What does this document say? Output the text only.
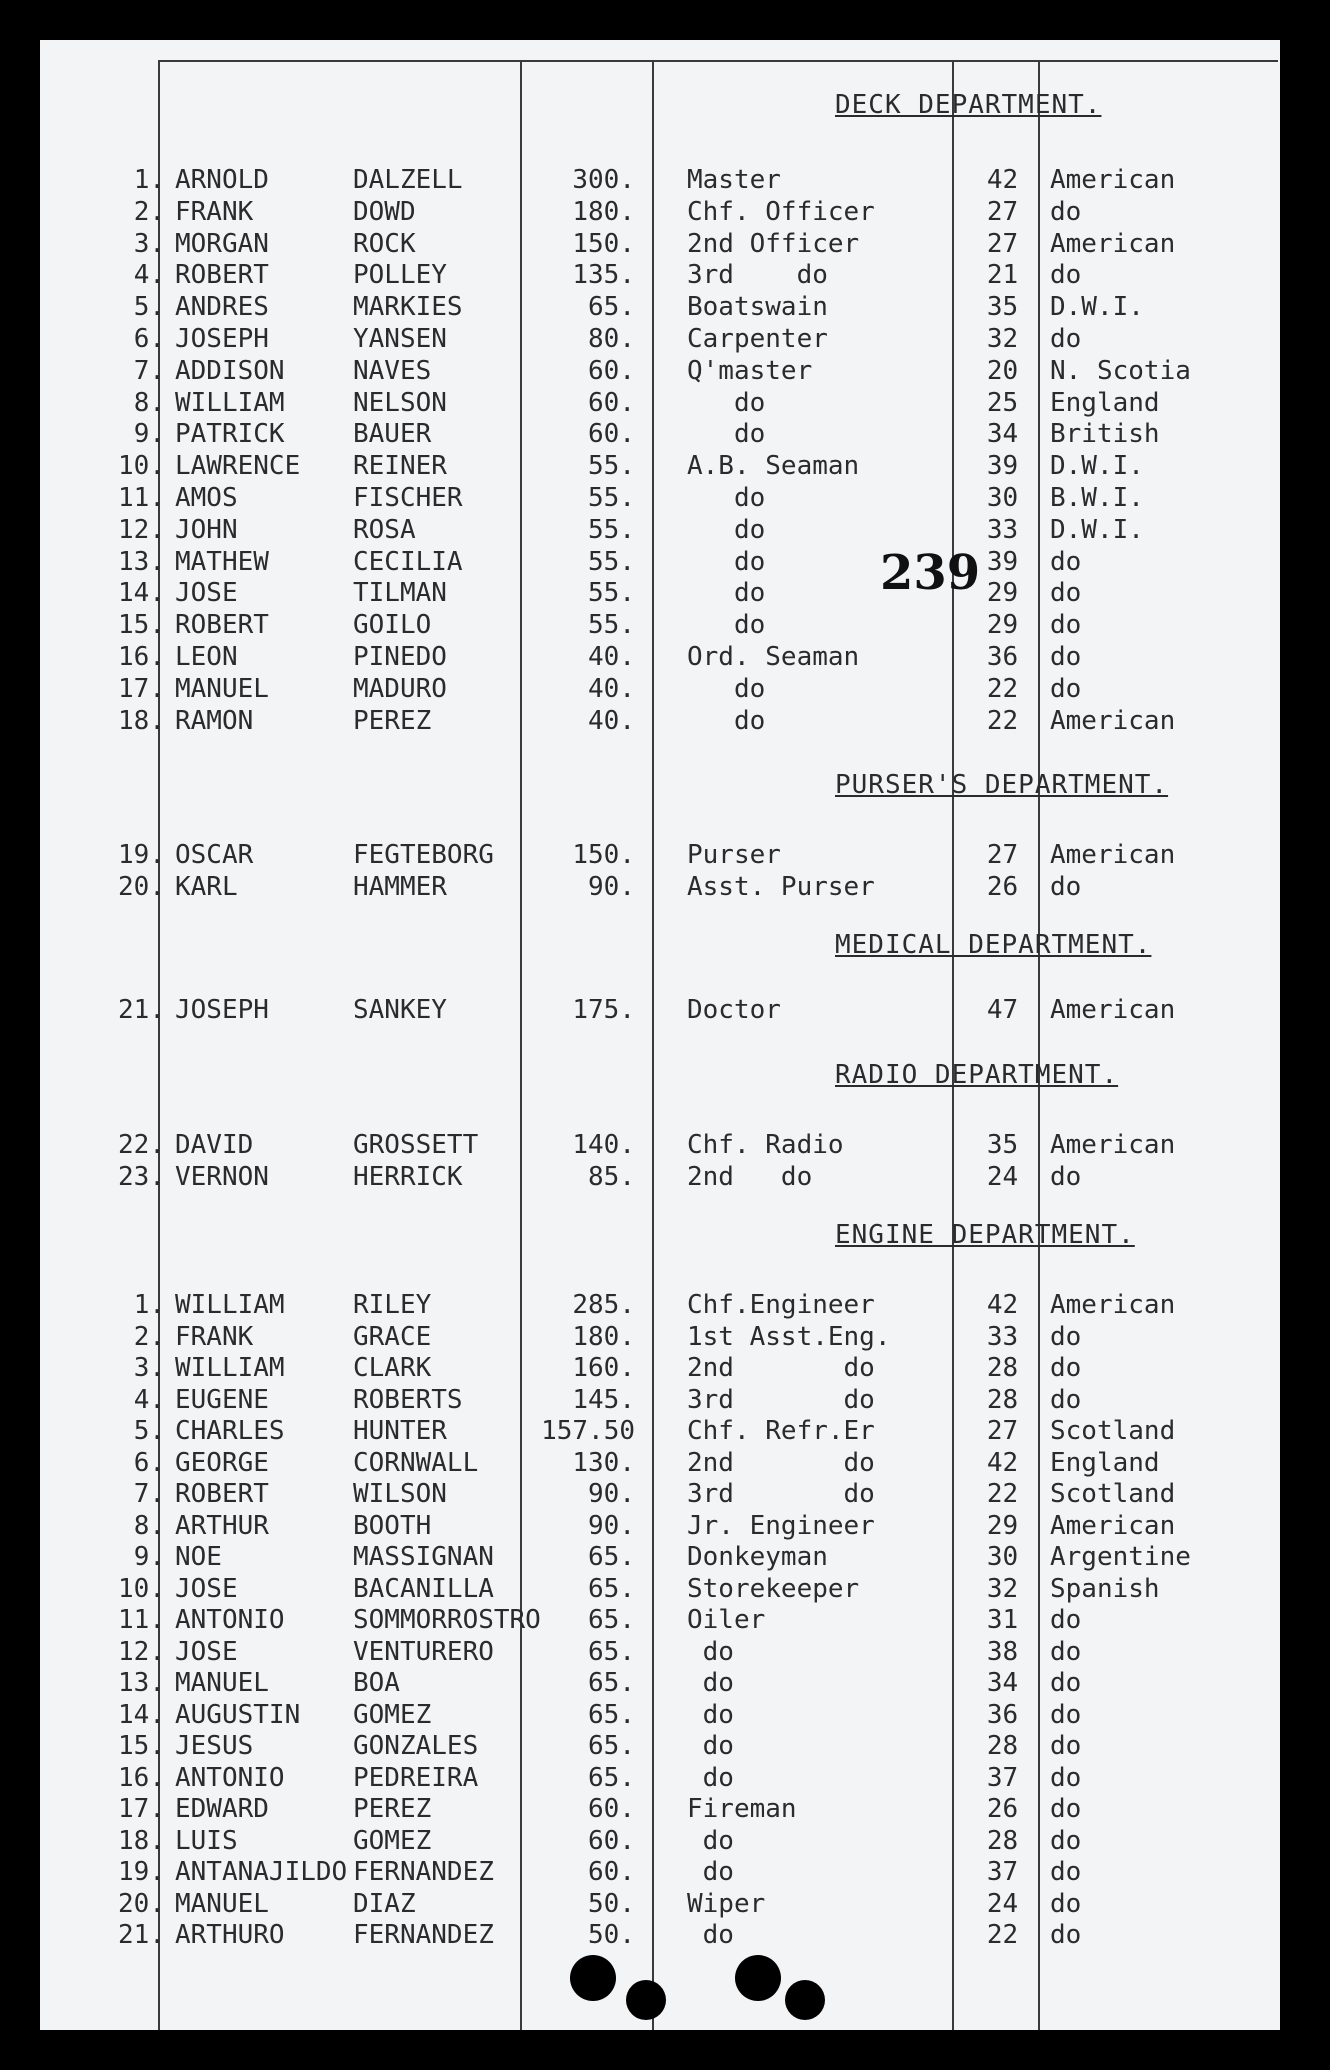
239
DECK DEPARTMENT.
1. ARNOLD	DALZELL	300. Master	42	American
2. FRANK	DOWD	180. Chf. Officer	27	do
3. MORGAN	ROCK	150. 2nd Officer	27	American
4. ROBERT	POLLEY	135. 3rd    do	21	do
5. ANDRES	MARKIES	65. Boatswain	35	D.W.I.
6. JOSEPH	YANSEN	80. Carpenter	32	do
7. ADDISON	NAVES	60. Q'master	20	N. Scotia
8. WILLIAM	NELSON	60. do	25	England
9. PATRICK	BAUER	60. do	34	British
10. LAWRENCE REINER	55. A.B. Seaman	39	D.W.I.
11. AMOS	FISCHER	55. do	30	B.W.I.
12. JOHN	ROSA	55. do	33	D.W.I.
13. MATHEW	CECILIA	55. do	39	do
14. JOSE	TILMAN	55. do	29	do
15. ROBERT	GOILO	55. do	29	do
16. LEON	PINEDO	40. Ord. Seaman	36	do
17. MANUEL	MADURO	40. do	22	do
18. RAMON	PEREZ	40. do	22	American
PURSER'S DEPARTMENT.
19. OSCAR	FEGTEBORG	150. Purser	27	American
20. KARL	HAMMER	90. Asst. Purser	26	do
MEDICAL DEPARTMENT.
21. JOSEPH	SANKEY	175. Doctor	47	American
RADIO DEPARTMENT.
22. DAVID	GROSSETT	140. Chf. Radio	35	American
23. VERNON	HERRICK	85. 2nd   do	24	do
ENGINE DEPARTMENT.
1. WILLIAM	RILEY	285. Chf.Engineer	42	American
2. FRANK	GRACE	180. 1st Asst.Eng.	33	do
3. WILLIAM	CLARK	160. 2nd       do	28	do
4. EUGENE	ROBERTS	145. 3rd       do	28	do
5. CHARLES	HUNTER	157.50 Chf. Refr.Er	27	Scotland
6. GEORGE	CORNWALL	130. 2nd       do	42	England
7. ROBERT	WILSON	90. 3rd       do	22	Scotland
8. ARTHUR	BOOTH	90. Jr. Engineer	29	American
9. NOE	MASSIGNAN	65. Donkeyman	30	Argentine
10. JOSE	BACANILLA	65. Storekeeper	32	Spanish
11. ANTONIO	SOMMORROSTRO	65. Oiler	31	do
12. JOSE	VENTURERO	65. do	38	do
13. MANUEL	BOA	65. do	34	do
14. AUGUSTIN GOMEZ	65. do	36	do
15. JESUS	GONZALES	65. do	28	do
16. ANTONIO	PEDREIRA	65. do	37	do
17. EDWARD	PEREZ	60. Fireman	26	do
18. LUIS	GOMEZ	60. do	28	do
19. ANTANAJILDO FERNANDEZ	60. do	37	do
20. MANUEL	DIAZ	50. Wiper	24	do
21. ARTHURO	FERNANDEZ	50. do	22	do
